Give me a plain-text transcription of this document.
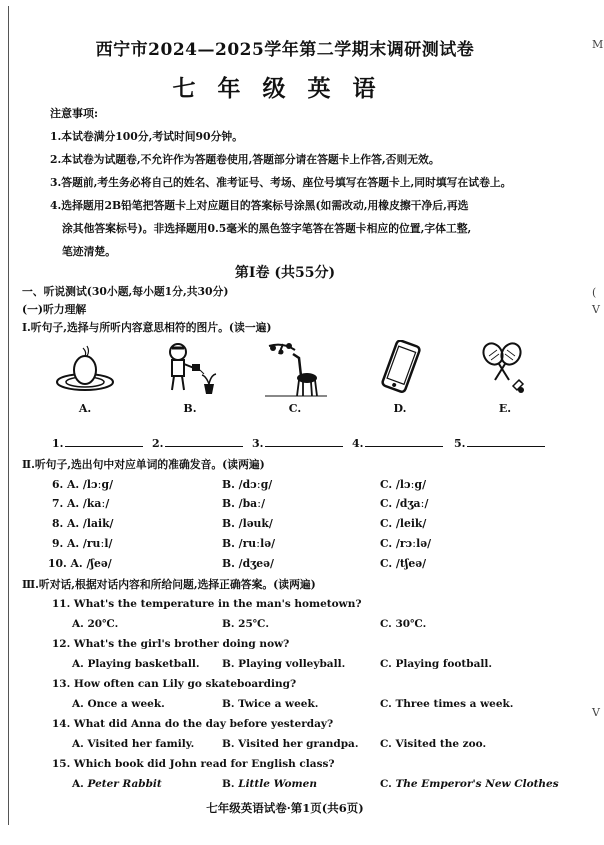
M
(
V
V
西宁市2024—2025学年第二学期末调研测试卷
七年级英语
注意事项:
1.本试卷满分100分,考试时间90分钟。
2.本试卷为试题卷,不允许作为答题卷使用,答题部分请在答题卡上作答,否则无效。
3.答题前,考生务必将自己的姓名、准考证号、考场、座位号填写在答题卡上,同时填写在试卷上。
4.选择题用2B铅笔把答题卡上对应题目的答案标号涂黑(如需改动,用橡皮擦干净后,再选
涂其他答案标号)。非选择题用0.5毫米的黑色签字笔答在答题卡相应的位置,字体工整,
笔迹清楚。
第Ⅰ卷 (共55分)
一、听说测试(30小题,每小题1分,共30分)
(一)听力理解
Ⅰ.听句子,选择与所听内容意思相符的图片。(读一遍)
A.	B.	C.	D.	E.
1.	2.	3.	4.	5.
Ⅱ.听句子,选出句中对应单词的准确发音。(读两遍)
6. A. /lɔːg/	B. /dɔːg/	C. /lɔːg/
7. A. /kaː/	B. /baː/	C. /dʒaː/
8. A. /laik/	B. /ləuk/	C. /leik/
9. A. /ruːl/	B. /ruːlə/	C. /rɔːlə/
10. A. /ʃeə/	B. /dʒeə/	C. /tʃeə/
Ⅲ.听对话,根据对话内容和所给问题,选择正确答案。(读两遍)
11. What's the temperature in the man's hometown?
A. 20℃.	B. 25℃.	C. 30℃.
12. What's the girl's brother doing now?
A. Playing basketball. B. Playing volleyball.	C. Playing football.
13. How often can Lily go skateboarding?
A. Once a week.	B. Twice a week.	C. Three times a week.
14. What did Anna do the day before yesterday?
A. Visited her family.	B. Visited her grandpa. C. Visited the zoo.
15. Which book did John read for English class?
A. Peter Rabbit	B. Little Women	C. The Emperor's New Clothes
七年级英语试卷·第1页(共6页)
